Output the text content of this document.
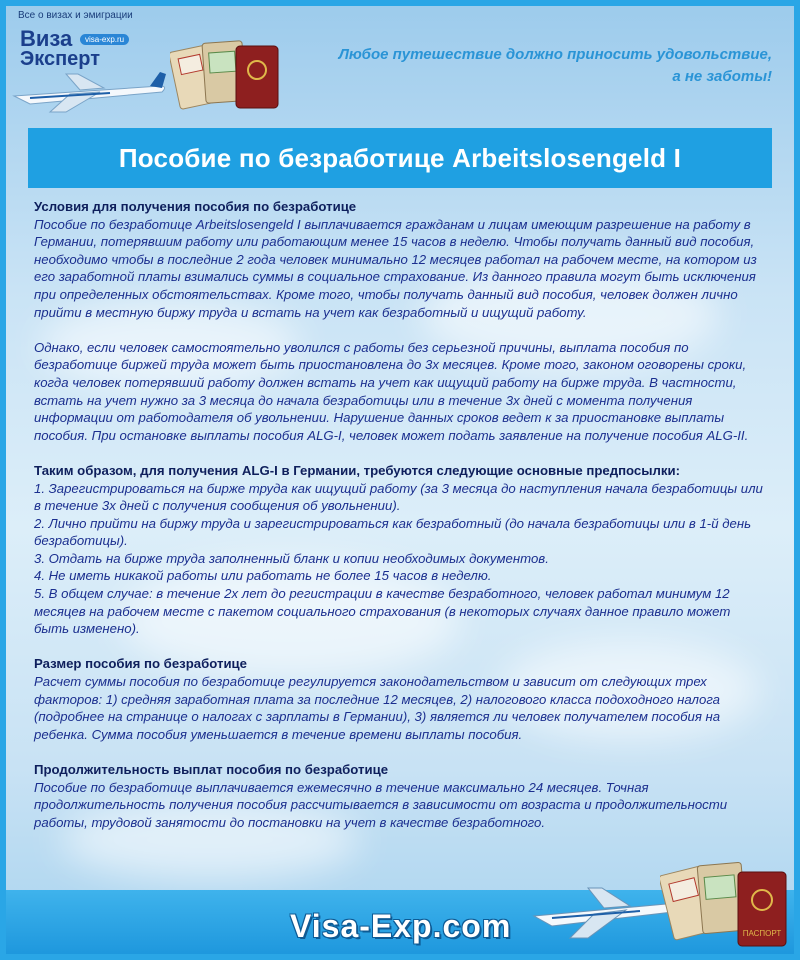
Все о визах и эмиграции
Виза	visa-exp.ru
Эксперт	Любое путешествие должно приносить удовольствие,
а не заботы!
Пособие по безработице Arbeitslosengeld I

Условия для получения пособия по безработице
Пособие по безработице Arbeitslosengeld I выплачивается гражданам и лицам имеющим разрешение на работу в Германии, потерявшим работу или работающим менее 15 часов в неделю. Чтобы получать данный вид пособия, необходимо чтобы в последние 2 года человек минимально 12 месяцев работал на рабочем месте, на котором из его заработной платы взимались суммы в социальное страхование. Из данного правила могут быть исключения при определенных обстоятельствах. Кроме того, чтобы получать данный вид пособия, человек должен лично прийти в местную биржу труда и встать на учет как безработный и ищущий работу.

Однако, если человек самостоятельно уволился с работы без серьезной причины, выплата пособия по безработице биржей труда может быть приостановлена до 3х месяцев. Кроме того, законом оговорены сроки, когда человек потерявший работу должен встать на учет как ищущий работу на бирже труда. В частности, встать на учет нужно за 3 месяца до начала безработицы или в течение 3х дней с момента получения информации от работодателя об увольнении. Нарушение данных сроков ведет к за приостановке выплаты пособия. При остановке выплаты пособия ALG-I, человек может подать заявление на получение пособия ALG-II.

Таким образом, для получения ALG-I в Германии, требуются следующие основные предпосылки:
1. Зарегистрироваться на бирже труда как ищущий работу (за 3 месяца до наступления начала безработицы или в течение 3х дней с получения сообщения об увольнении).
2. Лично прийти на биржу труда и зарегистрироваться как безработный (до начала безработицы или в 1-й день безработицы).
3. Отдать на бирже труда заполненный бланк и копии необходимых документов.
4. Не иметь никакой работы или работать не более 15 часов в неделю.
5. В общем случае: в течение 2х лет до регистрации в качестве безработного, человек работал минимум 12 месяцев на рабочем месте с пакетом социального страхования (в некоторых случаях данное правило может быть изменено).

Размер пособия по безработице
Расчет суммы пособия по безработице регулируется законодательством и зависит от следующих трех факторов: 1) средняя заработная плата за последние 12 месяцев, 2) налогового класса подоходного налога (подробнее на странице о налогах с зарплаты в Германии), 3) является ли человек получателем пособия на ребенка. Сумма пособия уменьшается в течение времени выплаты пособия.

Продолжительность выплат пособия по безработице
Пособие по безработице выплачивается ежемесячно в течение максимально 24 месяцев. Точная продолжительность получения пособия рассчитывается в зависимости от возраста и продолжительности работы, трудовой занятости до постановки на учет в качестве безработного.

Visa-Exp.com	ПАСПОРТ
